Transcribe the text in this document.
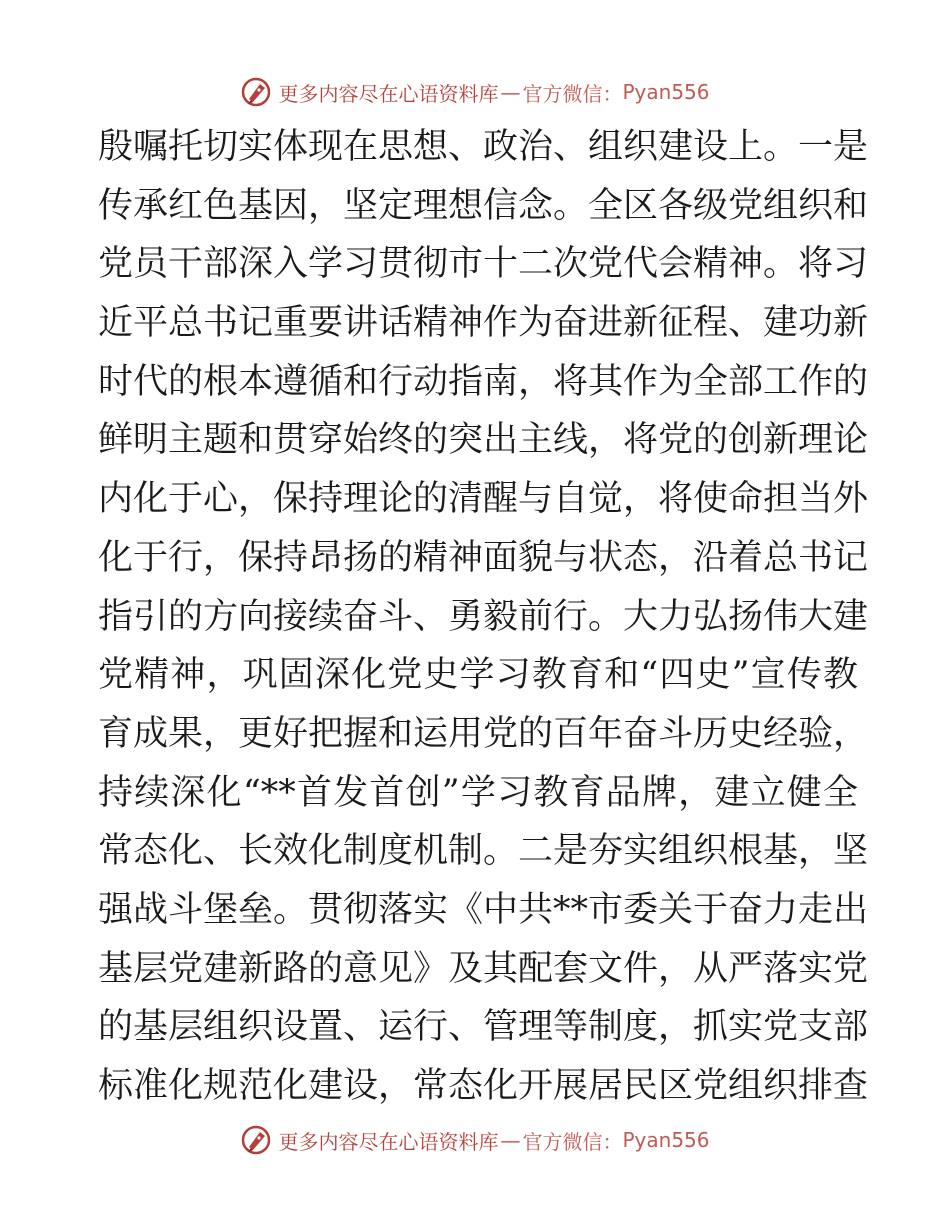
更多内容尽在心语资料库 — 官方微信： Pyan556
殷嘱托切实体现在思想、政治、组织建设上。一是
传承红色基因，坚定理想信念。全区各级党组织和
党员干部深入学习贯彻市十二次党代会精神。将习
近平总书记重要讲话精神作为奋进新征程、建功新
时代的根本遵循和行动指南，将其作为全部工作的
鲜明主题和贯穿始终的突出主线，将党的创新理论
内化于心，保持理论的清醒与自觉，将使命担当外
化于行，保持昂扬的精神面貌与状态，沿着总书记
指引的方向接续奋斗、勇毅前行。大力弘扬伟大建
党精神，巩固深化党史学习教育和“四史”宣传教
育成果，更好把握和运用党的百年奋斗历史经验，
持续深化“**首发首创”学习教育品牌，建立健全
常态化、长效化制度机制。二是夯实组织根基，坚
强战斗堡垒。贯彻落实《中共**市委关于奋力走出
基层党建新路的意见》及其配套文件，从严落实党
的基层组织设置、运行、管理等制度，抓实党支部
标准化规范化建设，常态化开展居民区党组织排查
更多内容尽在心语资料库 — 官方微信： Pyan556
